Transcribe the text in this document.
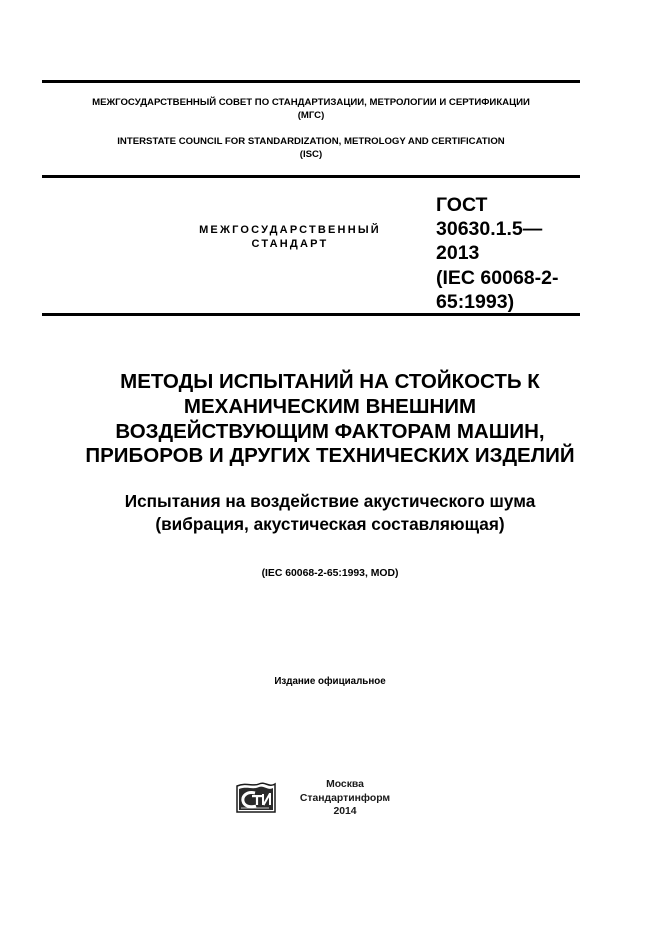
МЕЖГОСУДАРСТВЕННЫЙ СОВЕТ ПО СТАНДАРТИЗАЦИИ, МЕТРОЛОГИИ И СЕРТИФИКАЦИИ
(МГС)
INTERSTATE COUNCIL FOR STANDARDIZATION, METROLOGY AND CERTIFICATION
(ISC)
МЕЖГОСУДАРСТВЕННЫЙ
СТАНДАРТ
ГОСТ
30630.1.5—
2013
(IEC 60068-2-
65:1993)
МЕТОДЫ ИСПЫТАНИЙ НА СТОЙКОСТЬ К
МЕХАНИЧЕСКИМ ВНЕШНИМ
ВОЗДЕЙСТВУЮЩИМ ФАКТОРАМ МАШИН,
ПРИБОРОВ И ДРУГИХ ТЕХНИЧЕСКИХ ИЗДЕЛИЙ
Испытания на воздействие акустического шума
(вибрация, акустическая составляющая)
(IEC 60068-2-65:1993, MOD)
Издание официальное
Москва
Стандартинформ
2014
